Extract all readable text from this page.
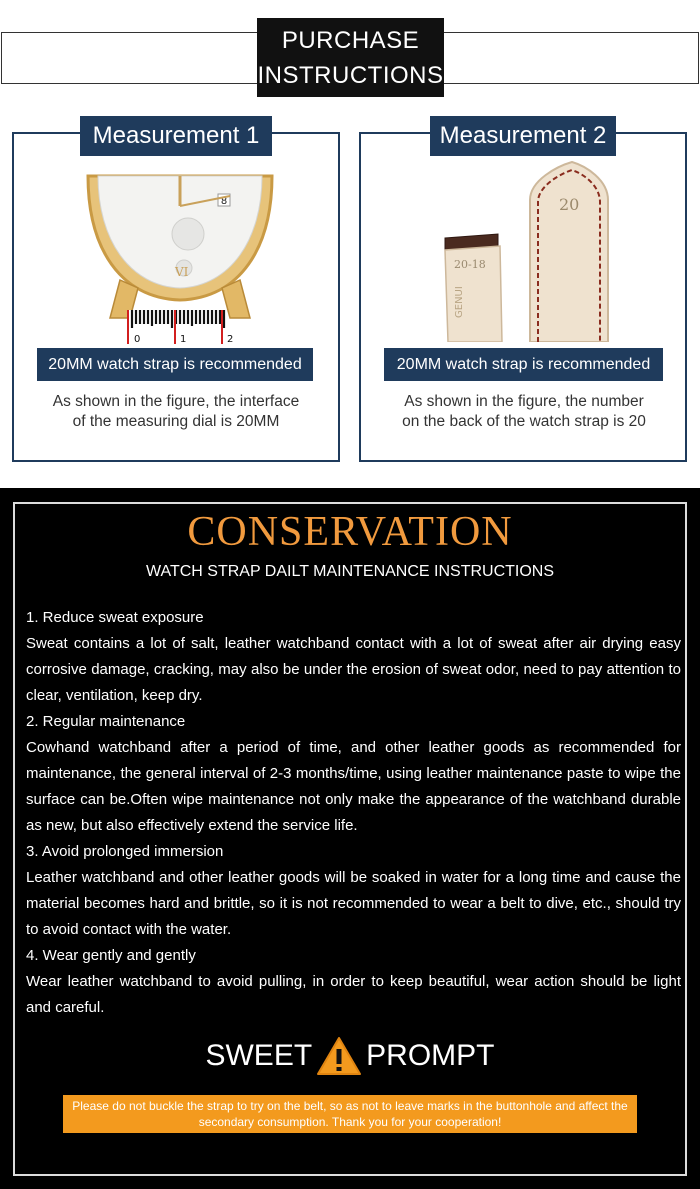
PURCHASE
INSTRUCTIONS
Measurement 1
8
VI
0	1	2
20MM watch strap is recommended
As shown in the figure, the interface
of the measuring dial is 20MM
Measurement 2
20-18
GENUI
20
20MM watch strap is recommended
As shown in the figure, the number
on the back of the watch strap is 20
CONSERVATION
WATCH STRAP DAILT MAINTENANCE INSTRUCTIONS

1. Reduce sweat exposure

Sweat contains a lot of salt, leather watchband contact with a lot of sweat after air drying easy corrosive damage, cracking, may also be under the erosion of sweat odor, need to pay attention to clear, ventilation, keep dry.

2. Regular maintenance

Cowhand watchband after a period of time, and other leather goods as recommended for maintenance, the general interval of 2-3 months/time, using leather maintenance paste to wipe the surface can be.Often wipe maintenance not only make the appearance of the watchband durable as new, but also effectively extend the service life.

3. Avoid prolonged immersion

Leather watchband and other leather goods will be soaked in water for a long time and cause the material becomes hard and brittle, so it is not recommended to wear a belt to dive, etc., should try to avoid contact with the water.

4. Wear gently and gently

Wear leather watchband to avoid pulling, in order to keep beautiful, wear action should be light and careful.

SWEET PROMPT
Please do not buckle the strap to try on the belt, so as not to leave marks in the buttonhole and affect the secondary consumption. Thank you for your cooperation!
